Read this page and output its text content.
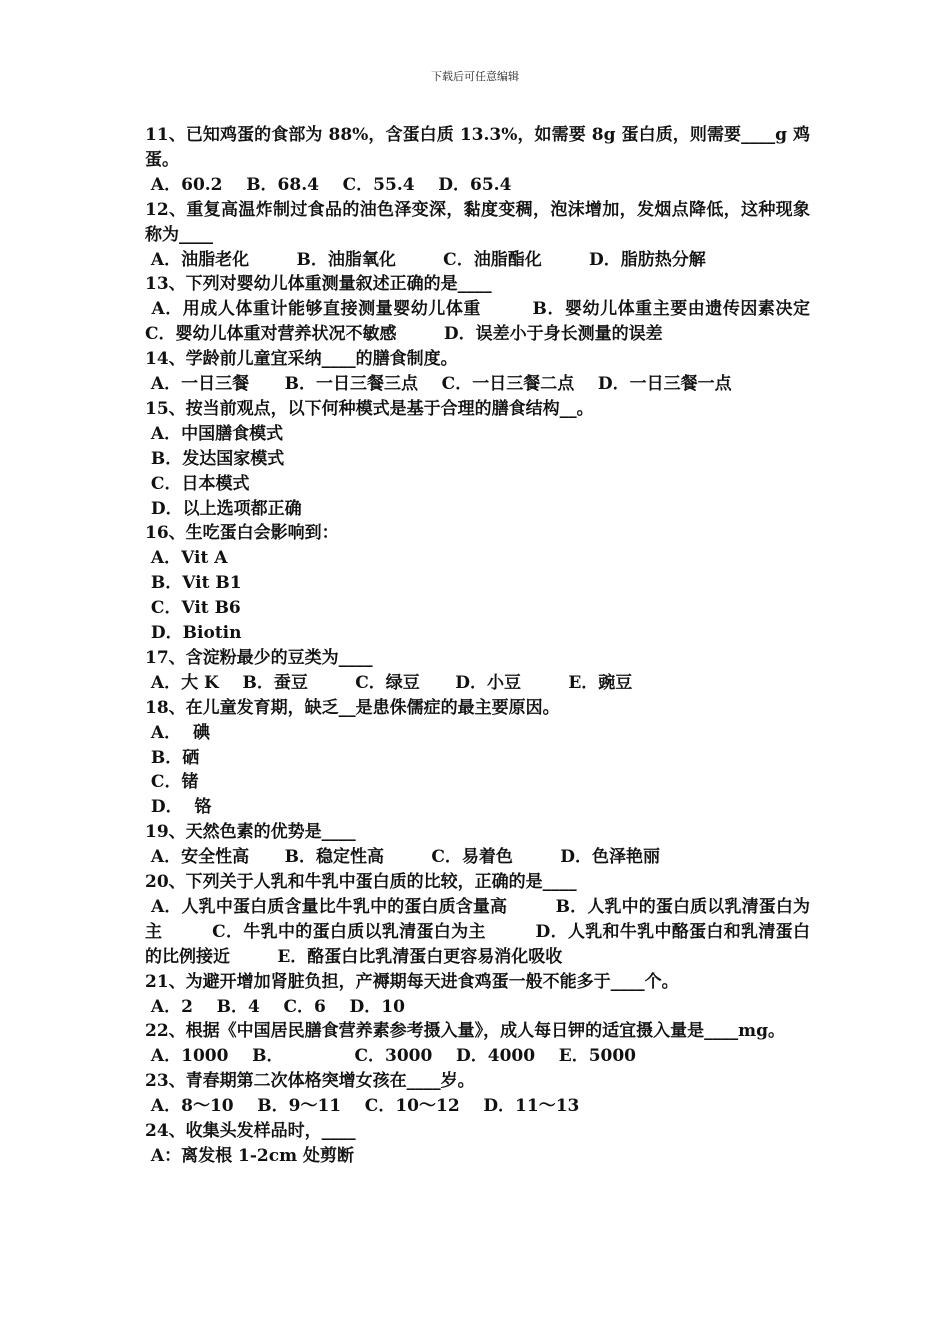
下载后可任意编辑
11、已知鸡蛋的食部为 88%，含蛋白质 13.3%，如需要 8g 蛋白质，则需要____g 鸡蛋。
A．60.2    B．68.4    C．55.4    D．65.4
12、重复高温炸制过食品的油色泽变深，黏度变稠，泡沫增加，发烟点降低，这种现象称为____
A．油脂老化        B．油脂氧化        C．油脂酯化        D．脂肪热分解
13、下列对婴幼儿体重测量叙述正确的是____
A．用成人体重计能够直接测量婴幼儿体重        B．婴幼儿体重主要由遗传因素决定        C．婴幼儿体重对营养状况不敏感        D．误差小于身长测量的误差
14、学龄前儿童宜采纳____的膳食制度。
A．一日三餐      B．一日三餐三点    C．一日三餐二点    D．一日三餐一点
15、按当前观点，以下何种模式是基于合理的膳食结构__。
A．中国膳食模式
B．发达国家模式
C．日本模式
D．以上选项都正确
16、生吃蛋白会影响到：
A．Vit A
B．Vit B1
C．Vit B6
D．Biotin
17、含淀粉最少的豆类为____
A．大 K    B．蚕豆        C．绿豆      D．小豆        E．豌豆
18、在儿童发育期，缺乏__是患侏儒症的最主要原因。
A．  碘
B．硒
C．锗
D．  铬
19、天然色素的优势是____
A．安全性高      B．稳定性高        C．易着色        D．色泽艳丽
20、下列关于人乳和牛乳中蛋白质的比较，正确的是____
A．人乳中蛋白质含量比牛乳中的蛋白质含量高        B．人乳中的蛋白质以乳清蛋白为主        C．牛乳中的蛋白质以乳清蛋白为主        D．人乳和牛乳中酪蛋白和乳清蛋白的比例接近        E．酪蛋白比乳清蛋白更容易消化吸收
21、为避开增加肾脏负担，产褥期每天进食鸡蛋一般不能多于____个。
A．2    B．4    C．6    D．10
22、根据《中国居民膳食营养素参考摄入量》，成人每日钾的适宜摄入量是____mg。
A．1000    B．            C．3000    D．4000    E．5000
23、青春期第二次体格突增女孩在____岁。
A．8～10    B．9～11    C．10～12    D．11～13
24、收集头发样品时，____
A：离发根 1-2cm 处剪断
